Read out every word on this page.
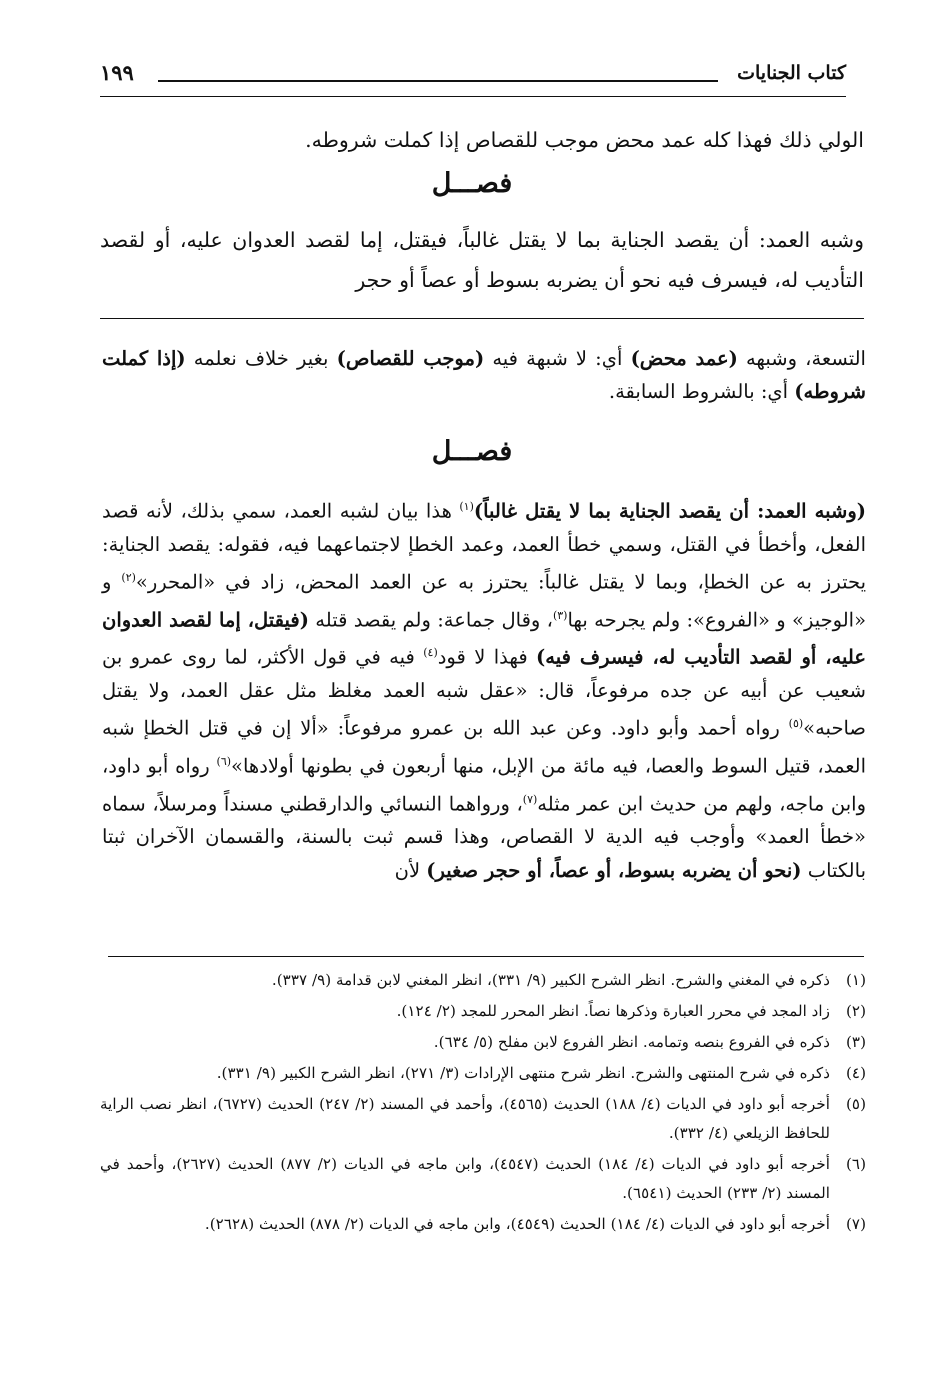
كتاب الجنايات
١٩٩

الولي ذلك فهذا كله عمد محض موجب للقصاص إذا كملت شروطه.

فصـــل

وشبه العمد: أن يقصد الجناية بما لا يقتل غالباً، فيقتل، إما لقصد العدوان عليه، أو لقصد التأديب له، فيسرف فيه نحو أن يضربه بسوط أو عصاً أو حجر

التسعة، وشبهه (عمد محض) أي: لا شبهة فيه (موجب للقصاص) بغير خلاف نعلمه (إذا كملت شروطه) أي: بالشروط السابقة.

فصـــل

(وشبه العمد: أن يقصد الجناية بما لا يقتل غالباً)$^{(١)}$ هذا بيان لشبه العمد، سمي بذلك، لأنه قصد الفعل، وأخطأ في القتل، وسمي خطأ العمد، وعمد الخطإ لاجتماعهما فيه، فقوله: يقصد الجناية: يحترز به عن الخطإ، وبما لا يقتل غالباً: يحترز به عن العمد المحض، زاد في «المحرر»$^{(٢)}$ و «الوجيز» و «الفروع»: ولم يجرحه بها$^{(٣)}$، وقال جماعة: ولم يقصد قتله (فيقتل، إما لقصد العدوان عليه، أو لقصد التأديب له، فيسرف فيه) فهذا لا قود$^{(٤)}$ فيه في قول الأكثر، لما روى عمرو بن شعيب عن أبيه عن جده مرفوعاً، قال: «عقل شبه العمد مغلظ مثل عقل العمد، ولا يقتل صاحبه»$^{(٥)}$ رواه أحمد وأبو داود. وعن عبد الله بن عمرو مرفوعاً: «ألا إن في قتل الخطإ شبه العمد، قتيل السوط والعصا، فيه مائة من الإبل، منها أربعون في بطونها أولادها»$^{(٦)}$ رواه أبو داود، وابن ماجه، ولهم من حديث ابن عمر مثله$^{(٧)}$، ورواهما النسائي والدارقطني مسنداً ومرسلاً، سماه «خطأ العمد» وأوجب فيه الدية لا القصاص، وهذا قسم ثبت بالسنة، والقسمان الآخران ثبتا بالكتاب (نحو أن يضربه بسوط، أو عصاً، أو حجر صغير) لأن

(١)
ذكره في المغني والشرح. انظر الشرح الكبير (٩/ ٣٣١)، انظر المغني لابن قدامة (٩/ ٣٣٧).
(٢)
زاد المجد في محرر العبارة وذكرها نصاً. انظر المحرر للمجد (٢/ ١٢٤).
(٣)
ذكره في الفروع بنصه وتمامه. انظر الفروع لابن مفلح (٥/ ٦٣٤).
(٤)
ذكره في شرح المنتهى والشرح. انظر شرح منتهى الإرادات (٣/ ٢٧١)، انظر الشرح الكبير (٩/ ٣٣١).
(٥)
أخرجه أبو داود في الديات (٤/ ١٨٨) الحديث (٤٥٦٥)، وأحمد في المسند (٢/ ٢٤٧) الحديث (٦٧٢٧)، انظر نصب الراية للحافظ الزيلعي (٤/ ٣٣٢).
(٦)
أخرجه أبو داود في الديات (٤/ ١٨٤) الحديث (٤٥٤٧)، وابن ماجه في الديات (٢/ ٨٧٧) الحديث (٢٦٢٧)، وأحمد في المسند (٢/ ٢٣٣) الحديث (٦٥٤١).
(٧)
أخرجه أبو داود في الديات (٤/ ١٨٤) الحديث (٤٥٤٩)، وابن ماجه في الديات (٢/ ٨٧٨) الحديث (٢٦٢٨).
